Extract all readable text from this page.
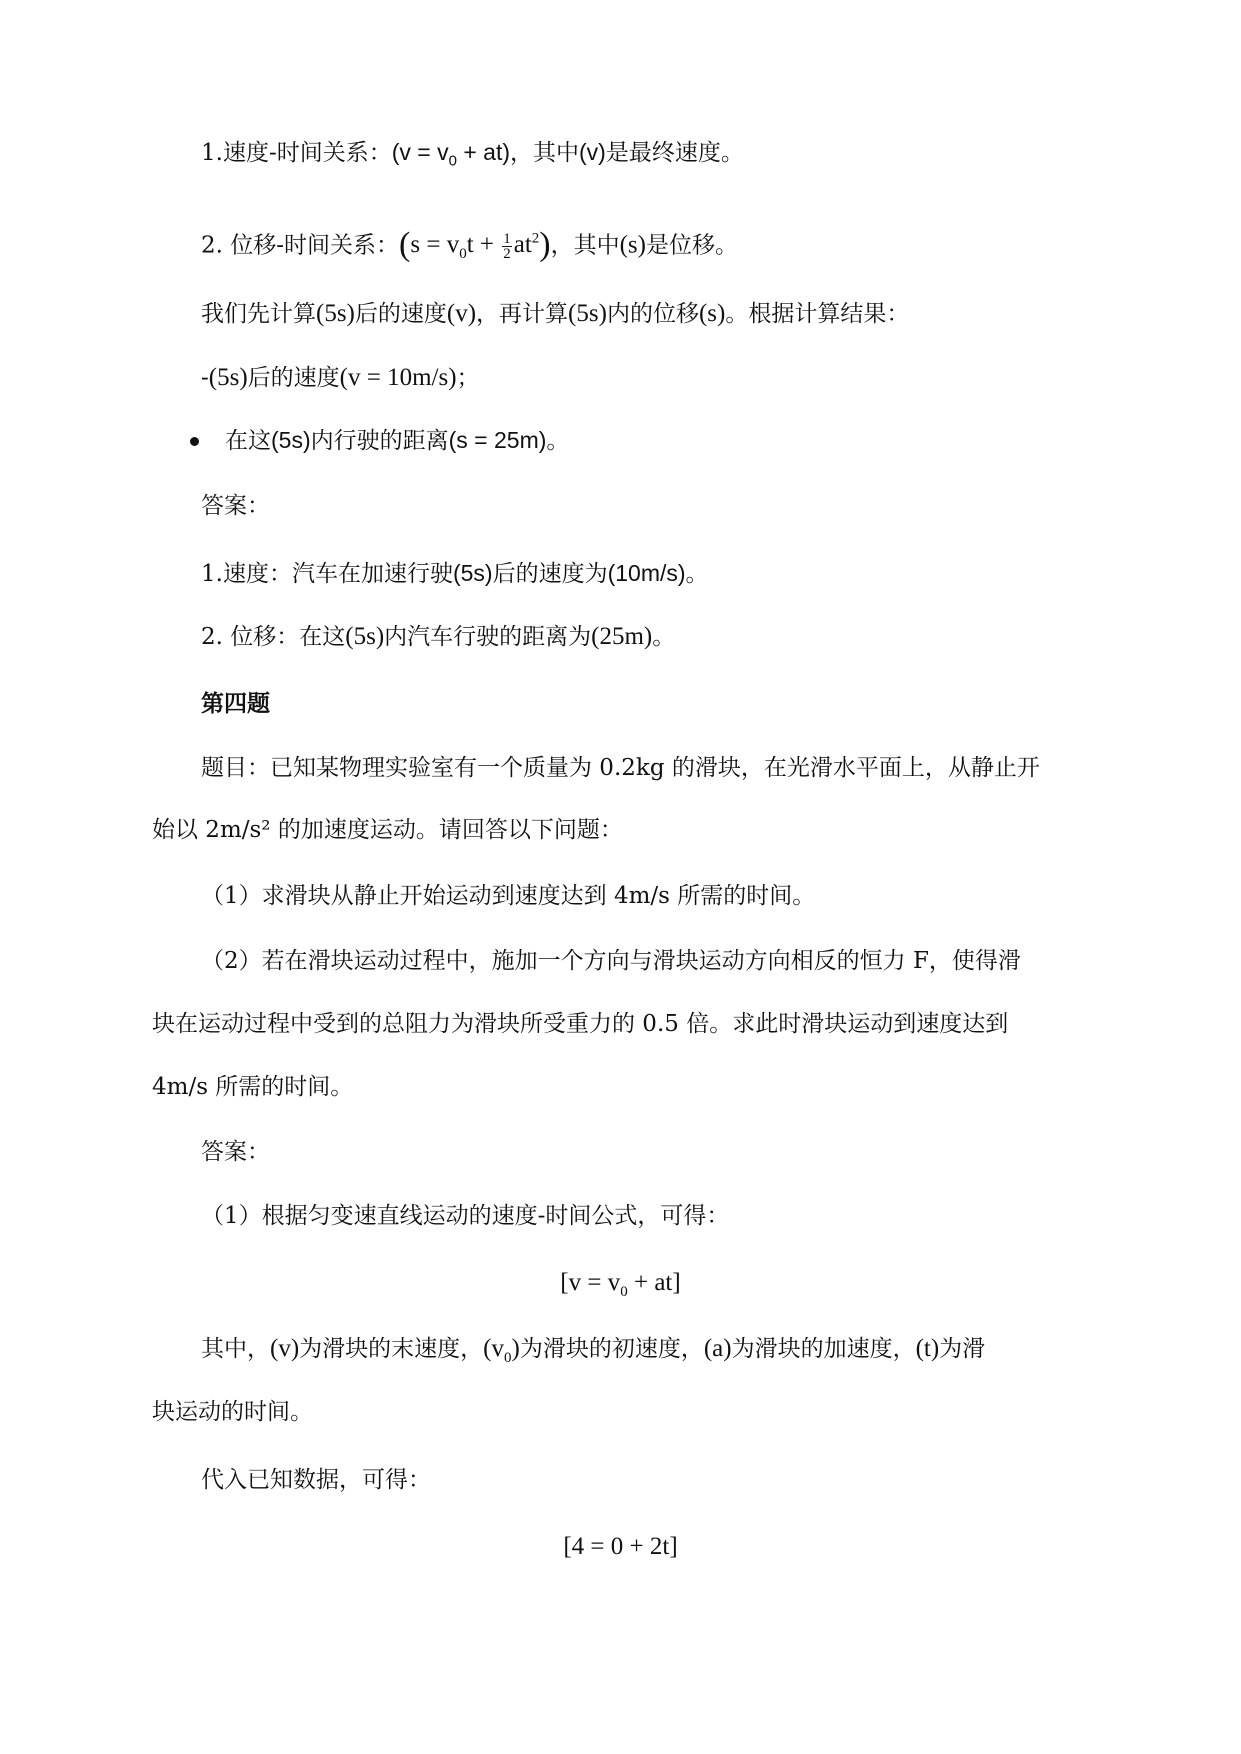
1.速度-时间关系：$(v = v_0 + at)$，其中(v)是最终速度。
2. 位移-时间关系：$(s = v_0t + \frac{1}{2} at^2)$，其中(s)是位移。
我们先计算(5s)后的速度(v)，再计算(5s)内的位移(s)。根据计算结果：
-(5s)后的速度(v = 10m/s)；
在这(5s)内行驶的距离(s = 25m)。
答案：
1.速度：汽车在加速行驶(5s)后的速度为(10m/s)。
2. 位移：在这(5s)内汽车行驶的距离为(25m)。
第四题
题目：已知某物理实验室有一个质量为 0.2kg 的滑块，在光滑水平面上，从静止开
始以 2m/s² 的加速度运动。请回答以下问题：
（1）求滑块从静止开始运动到速度达到 4m/s 所需的时间。
（2）若在滑块运动过程中，施加一个方向与滑块运动方向相反的恒力 F，使得滑
块在运动过程中受到的总阻力为滑块所受重力的 0.5 倍。求此时滑块运动到速度达到
4m/s 所需的时间。
答案：
（1）根据匀变速直线运动的速度-时间公式，可得：
$[v = v_0 + at]$
其中，(v)为滑块的末速度，$(v_0)$为滑块的初速度，(a)为滑块的加速度，(t)为滑
块运动的时间。
代入已知数据，可得：
[4 = 0 + 2t]
